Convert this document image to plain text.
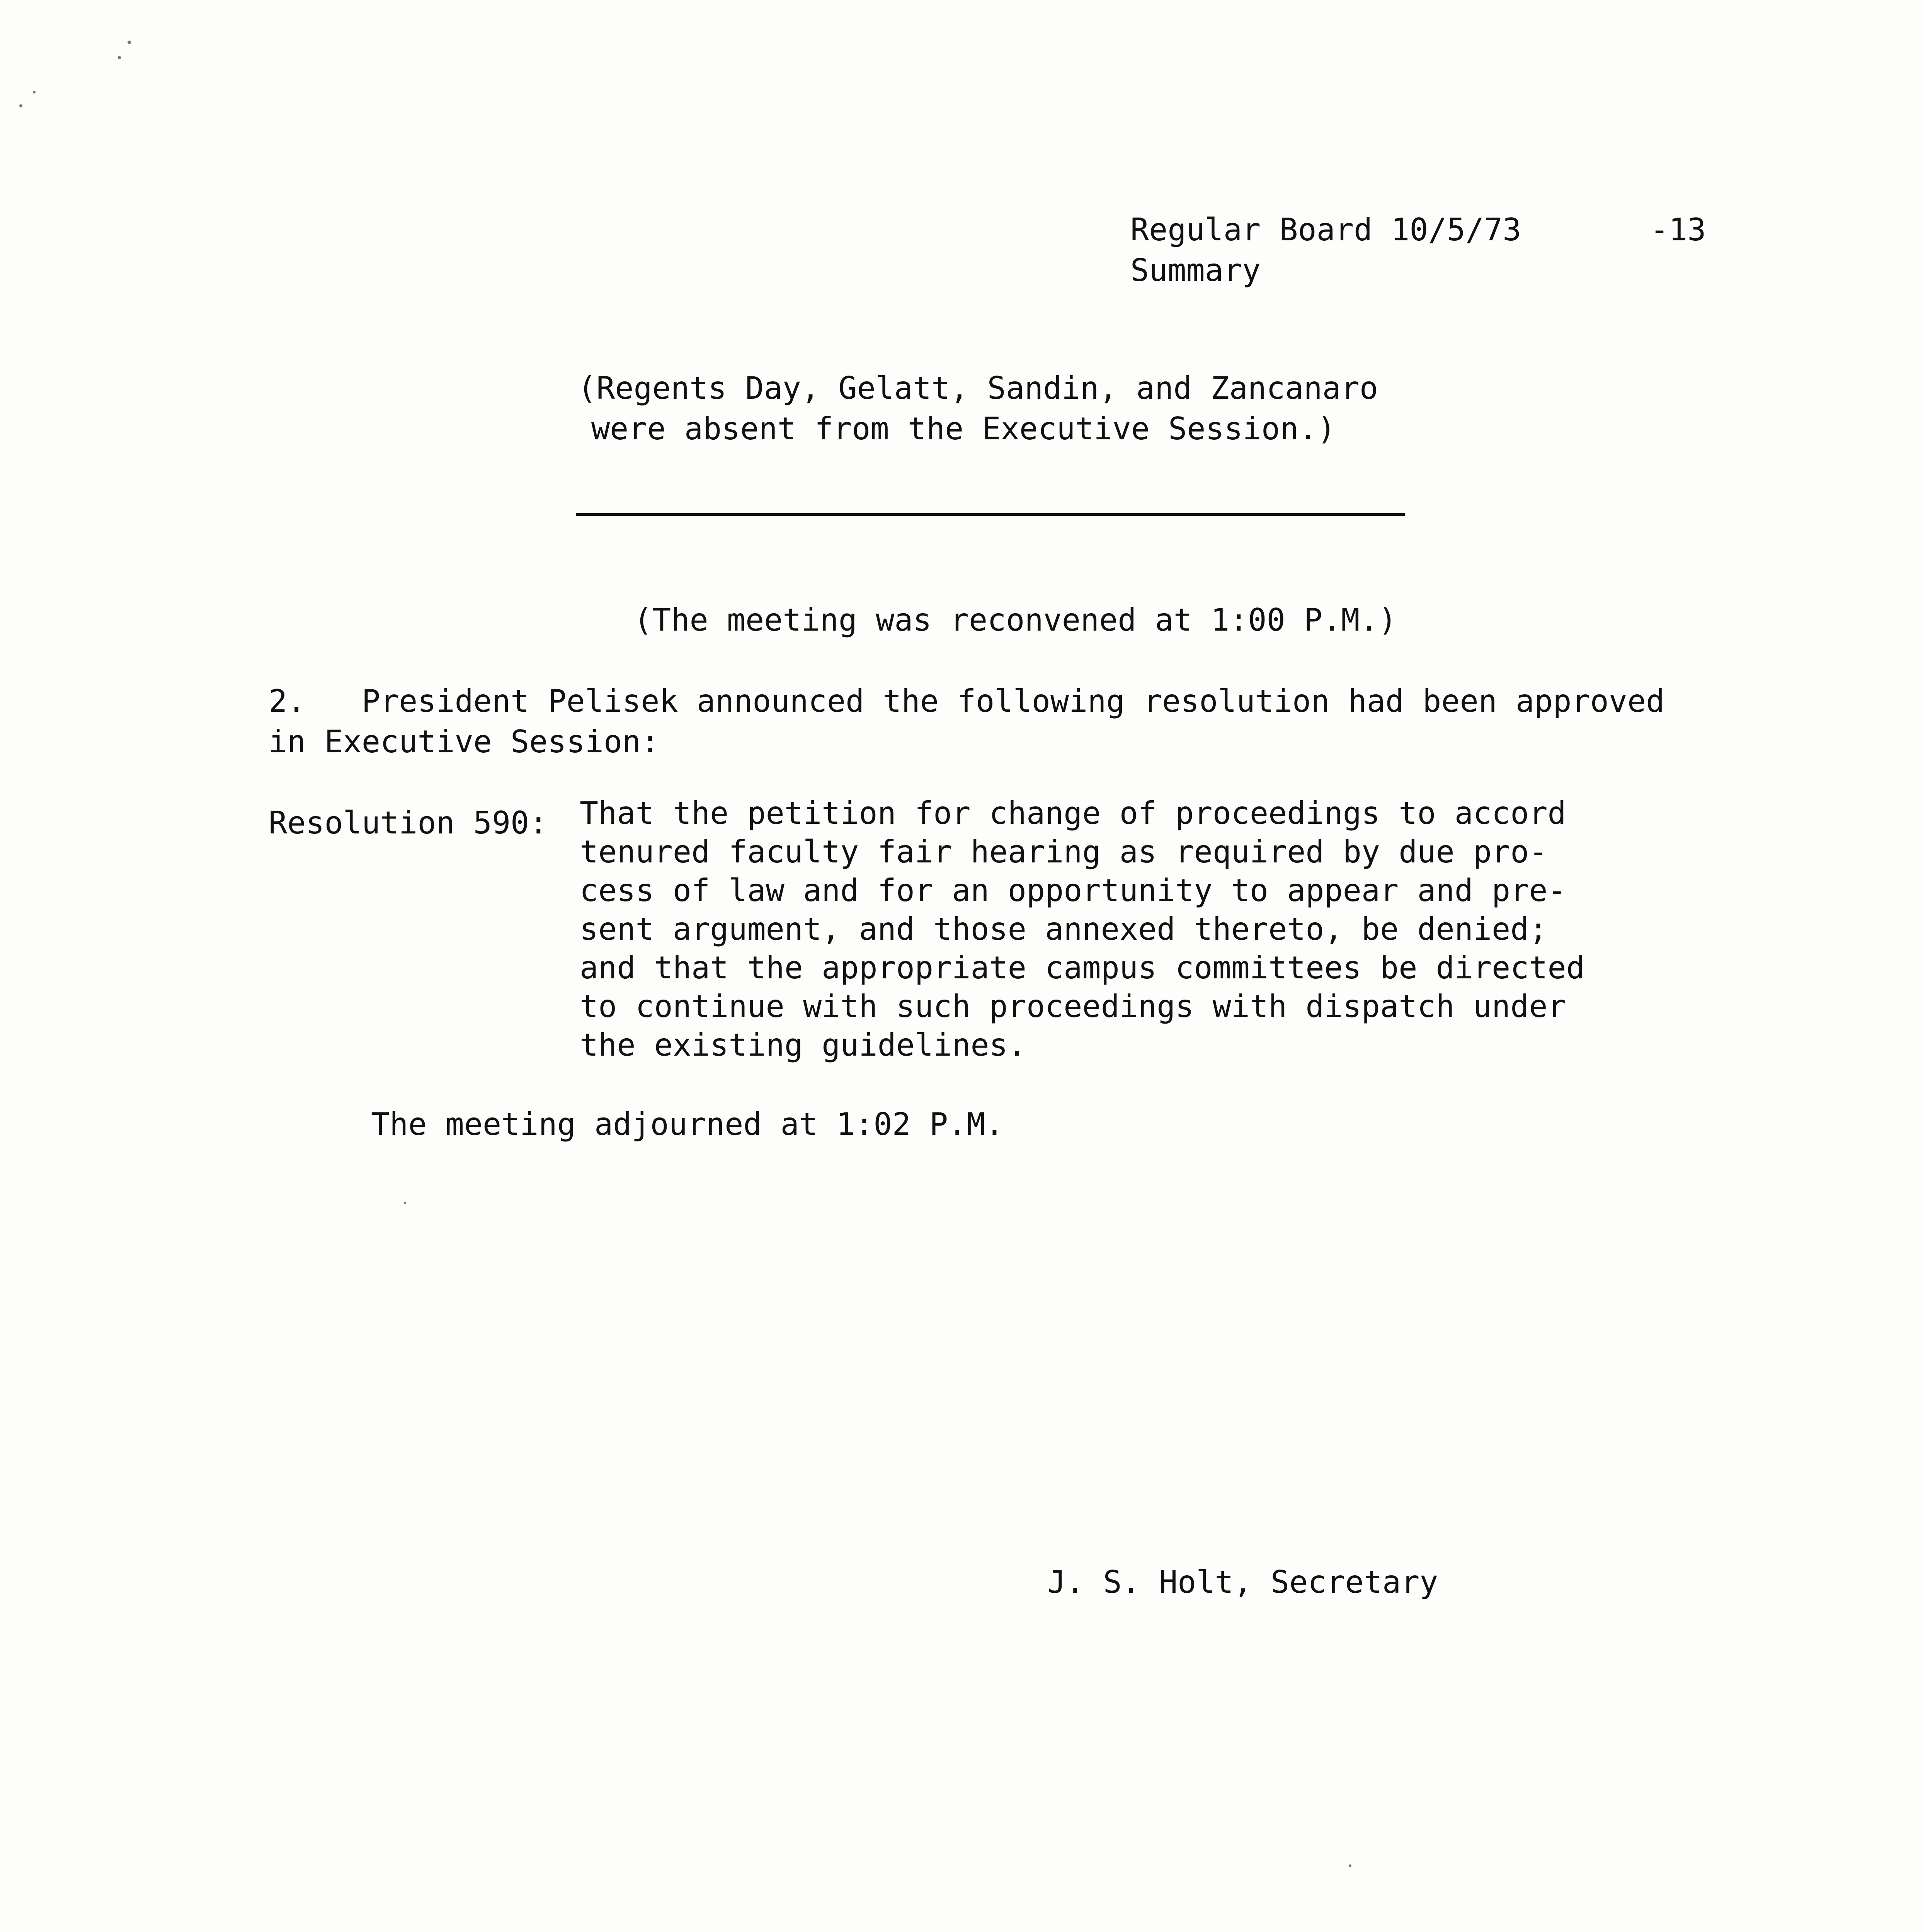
Regular Board 10/5/73	-13
Summary
(Regents Day, Gelatt, Sandin, and Zancanaro
were absent from the Executive Session.)
(The meeting was reconvened at 1:00 P.M.)
2.   President Pelisek announced the following resolution had been approved
in Executive Session:
Resolution 590: That the petition for change of proceedings to accord
tenured faculty fair hearing as required by due pro-
cess of law and for an opportunity to appear and pre-
sent argument, and those annexed thereto, be denied;
and that the appropriate campus committees be directed
to continue with such proceedings with dispatch under
the existing guidelines.
The meeting adjourned at 1:02 P.M.
J. S. Holt, Secretary
